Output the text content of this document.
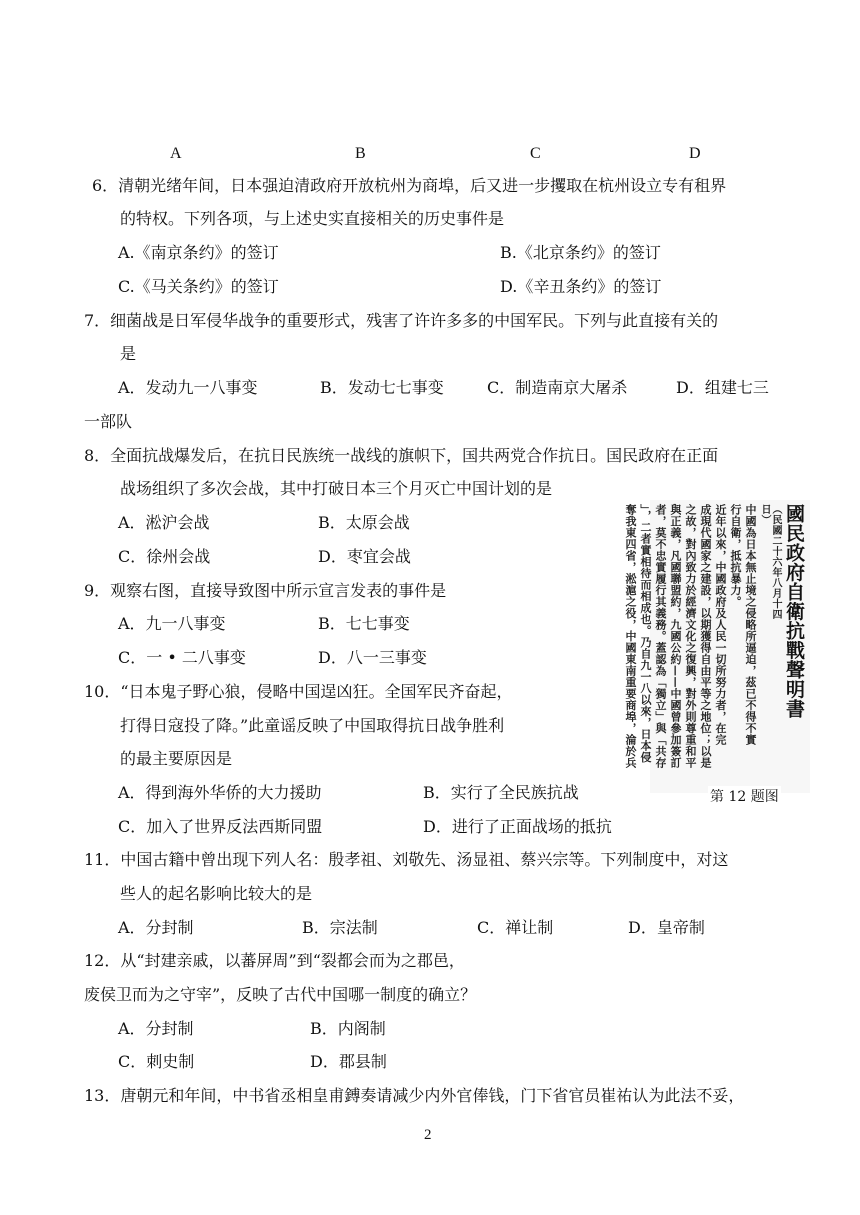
A	B	C	D
6．清朝光绪年间，日本强迫清政府开放杭州为商埠，后又进一步攫取在杭州设立专有租界
的特权。下列各项，与上述史实直接相关的历史事件是
A.《南京条约》的签订	B.《北京条约》的签订
C.《马关条约》的签订	D.《辛丑条约》的签订
7．细菌战是日军侵华战争的重要形式，残害了许许多多的中国军民。下列与此直接有关的
是
A．发动九一八事变	B．发动七七事变	C．制造南京大屠杀	D．组建七三
一部队
8．全面抗战爆发后，在抗日民族统一战线的旗帜下，国共两党合作抗日。国民政府在正面
战场组织了多次会战，其中打破日本三个月灭亡中国计划的是
A．淞沪会战	B．太原会战
C．徐州会战	D．枣宜会战
9．观察右图，直接导致图中所示宣言发表的事件是
A．九一八事变	B．七七事变
C．一 • 二八事变	D．八一三事变
10．“日本鬼子野心狼，侵略中国逞凶狂。全国军民齐奋起，
打得日寇投了降。”此童谣反映了中国取得抗日战争胜利
的最主要原因是
A．得到海外华侨的大力援助	B．实行了全民族抗战
C．加入了世界反法西斯同盟	D．进行了正面战场的抵抗
國民政府自衛抗戰聲明書
（民國二十六年八月十四日）
中國為日本無止境之侵略所逼迫，茲已不得不實
行自衛，抵抗暴力。
近年以來，中國政府及人民一切所努力者，在完
成現代國家之建設，以期獲得自由平等之地位；以是
之故，對內致力於經濟文化之復興，對外則尊重和平
與正義，凡國聯盟約，九國公約——中國曾參加簽訂
者，莫不忠實履行其義務。蓋認為「獨立」與「共存
」，二者實相待而相成也。乃自九一八以來，日本侵
奪我東四省，淞滬之役，中國東南重要商埠，淪於兵
第 12 题图
11．中国古籍中曾出现下列人名：殷孝祖、刘敬先、汤显祖、蔡兴宗等。下列制度中，对这
些人的起名影响比较大的是
A．分封制	B．宗法制	C．禅让制	D．皇帝制
12．从“封建亲戚，以蕃屏周”到“裂都会而为之郡邑，
废侯卫而为之守宰”，反映了古代中国哪一制度的确立？
A．分封制	B．内阁制
C．刺史制	D．郡县制
13．唐朝元和年间，中书省丞相皇甫鎛奏请减少内外官俸钱，门下省官员崔祐认为此法不妥，
2
